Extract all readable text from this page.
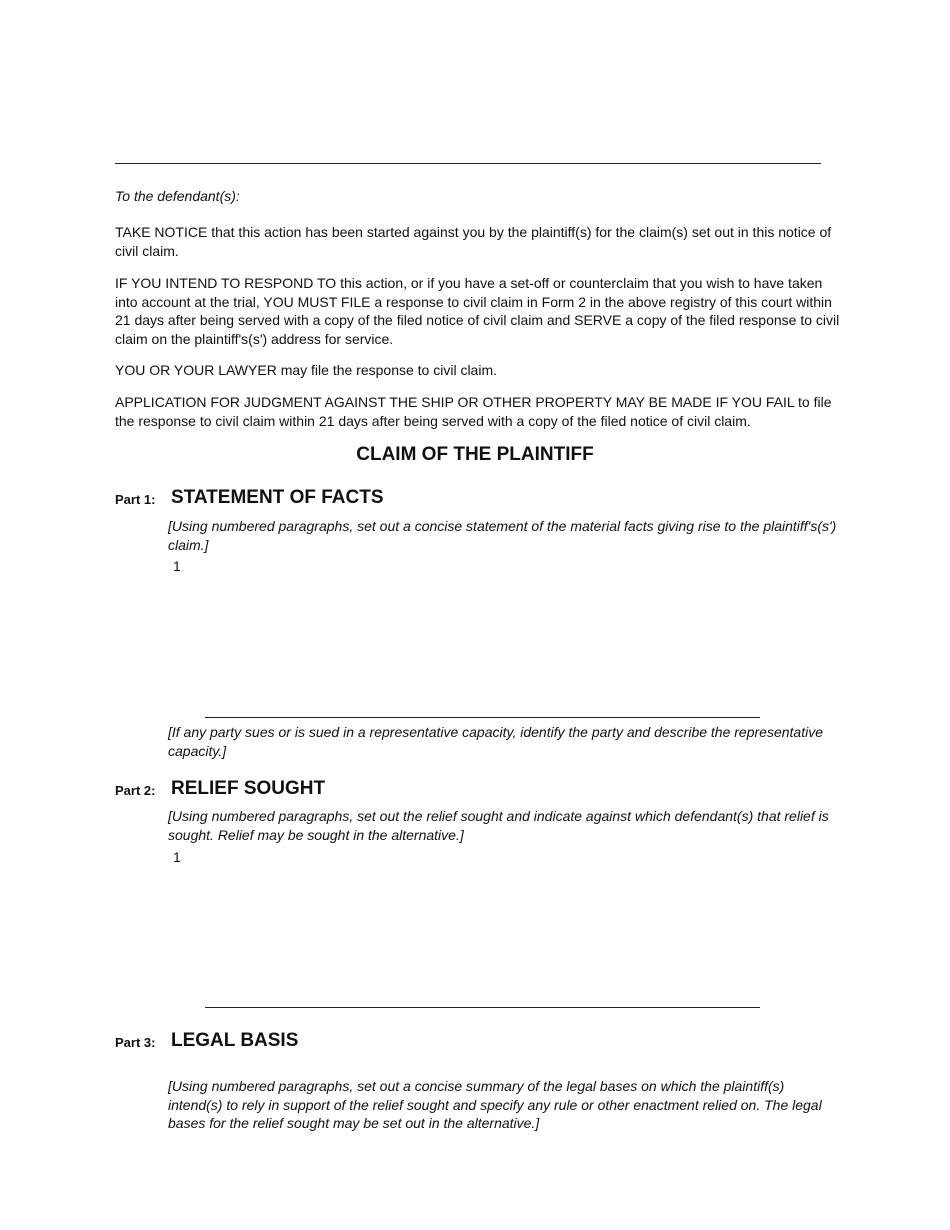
To the defendant(s):

TAKE NOTICE that this action has been started against you by the plaintiff(s) for the claim(s) set out in this notice of civil claim.

IF YOU INTEND TO RESPOND TO this action, or if you have a set-off or counterclaim that you wish to have taken into account at the trial, YOU MUST FILE a response to civil claim in Form 2 in the above registry of this court within 21 days after being served with a copy of the filed notice of civil claim and SERVE a copy of the filed response to civil claim on the plaintiff's(s') address for service.

YOU OR YOUR LAWYER may file the response to civil claim.

APPLICATION FOR JUDGMENT AGAINST THE SHIP OR OTHER PROPERTY MAY BE MADE IF YOU FAIL to file the response to civil claim within 21 days after being served with a copy of the filed notice of civil claim.

CLAIM OF THE PLAINTIFF

Part 1: STATEMENT OF FACTS

[Using numbered paragraphs, set out a concise statement of the material facts giving rise to the plaintiff's(s') claim.]

1

[If any party sues or is sued in a representative capacity, identify the party and describe the representative capacity.]

Part 2: RELIEF SOUGHT

[Using numbered paragraphs, set out the relief sought and indicate against which defendant(s) that relief is sought. Relief may be sought in the alternative.]

1

Part 3: LEGAL BASIS

[Using numbered paragraphs, set out a concise summary of the legal bases on which the plaintiff(s) intend(s) to rely in support of the relief sought and specify any rule or other enactment relied on. The legal bases for the relief sought may be set out in the alternative.]
